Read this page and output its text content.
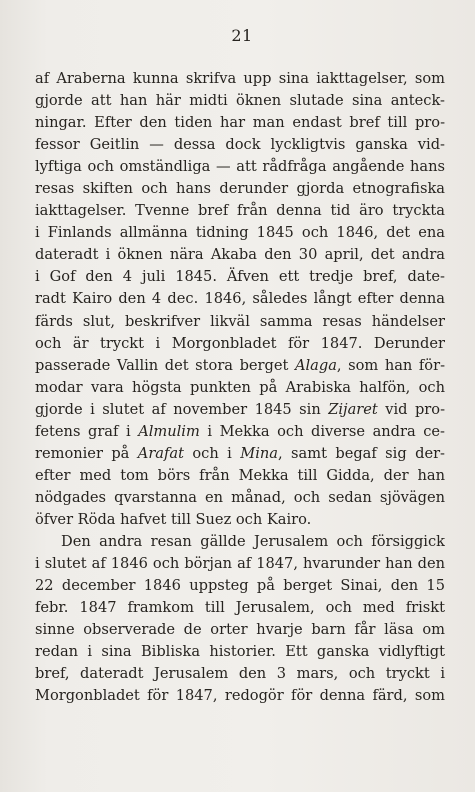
21
af Araberna kunna skrifva upp sina iakttagelser, som
gjorde att han här midti öknen slutade sina anteck-
ningar. Efter den tiden har man endast bref till pro-
fessor Geitlin — dessa dock lyckligtvis ganska vid-
lyftiga och omständliga — att rådfråga angående hans
resas skiften och hans derunder gjorda etnografiska
iakttagelser. Tvenne bref från denna tid äro tryckta
i Finlands allmänna tidning 1845 och 1846, det ena
dateradt i öknen nära Akaba den 30 april, det andra
i Gof den 4 juli 1845. Äfven ett tredje bref, date-
radt Kairo den 4 dec. 1846, således långt efter denna
färds slut, beskrifver likväl samma resas händelser
och är tryckt i Morgonbladet för 1847. Derunder
passerade Vallin det stora berget Alaga, som han för-
modar vara högsta punkten på Arabiska halfön, och
gjorde i slutet af november 1845 sin Zijaret vid pro-
fetens graf i Almulim i Mekka och diverse andra ce-
remonier på Arafat och i Mina, samt begaf sig der-
efter med tom börs från Mekka till Gidda, der han
nödgades qvarstanna en månad, och sedan sjövägen
öfver Röda hafvet till Suez och Kairo.
Den andra resan gällde Jerusalem och försiggick
i slutet af 1846 och början af 1847, hvarunder han den
22 december 1846 uppsteg på berget Sinai, den 15
febr. 1847 framkom till Jerusalem, och med friskt
sinne observerade de orter hvarje barn får läsa om
redan i sina Bibliska historier. Ett ganska vidlyftigt
bref, dateradt Jerusalem den 3 mars, och tryckt i
Morgonbladet för 1847, redogör för denna färd, som
